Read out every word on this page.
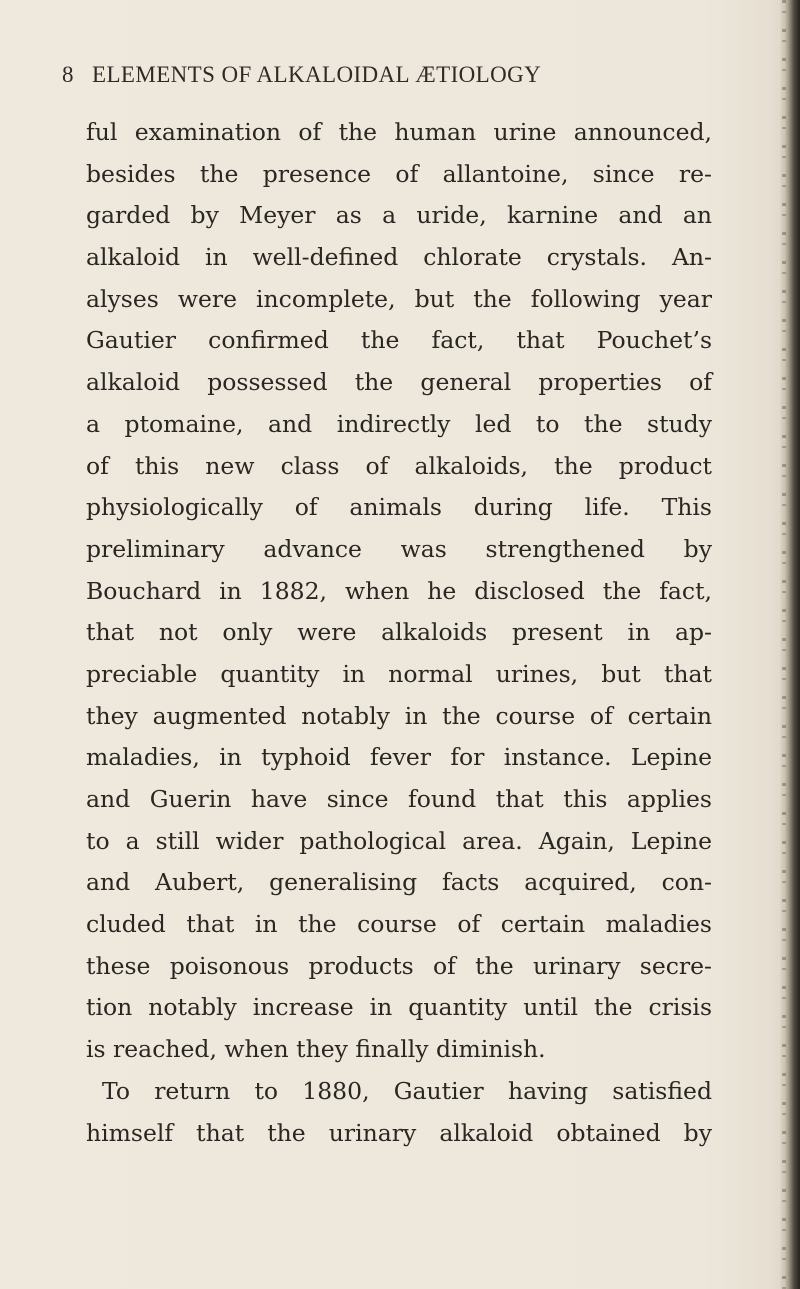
8 ELEMENTS OF ALKALOIDAL ÆTIOLOGY
ful examination of the human urine announced,
besides the presence of allantoine, since re-
garded by Meyer as a uride, karnine and an
alkaloid in well-defined chlorate crystals. An-
alyses were incomplete, but the following year
Gautier confirmed the fact, that Pouchet’s
alkaloid possessed the general properties of
a ptomaine, and indirectly led to the study
of this new class of alkaloids, the product
physiologically of animals during life. This
preliminary advance was strengthened by
Bouchard in 1882, when he disclosed the fact,
that not only were alkaloids present in ap-
preciable quantity in normal urines, but that
they augmented notably in the course of certain
maladies, in typhoid fever for instance. Lepine
and Guerin have since found that this applies
to a still wider pathological area. Again, Lepine
and Aubert, generalising facts acquired, con-
cluded that in the course of certain maladies
these poisonous products of the urinary secre-
tion notably increase in quantity until the crisis
is reached, when they finally diminish.
To return to 1880, Gautier having satisfied
himself that the urinary alkaloid obtained by
